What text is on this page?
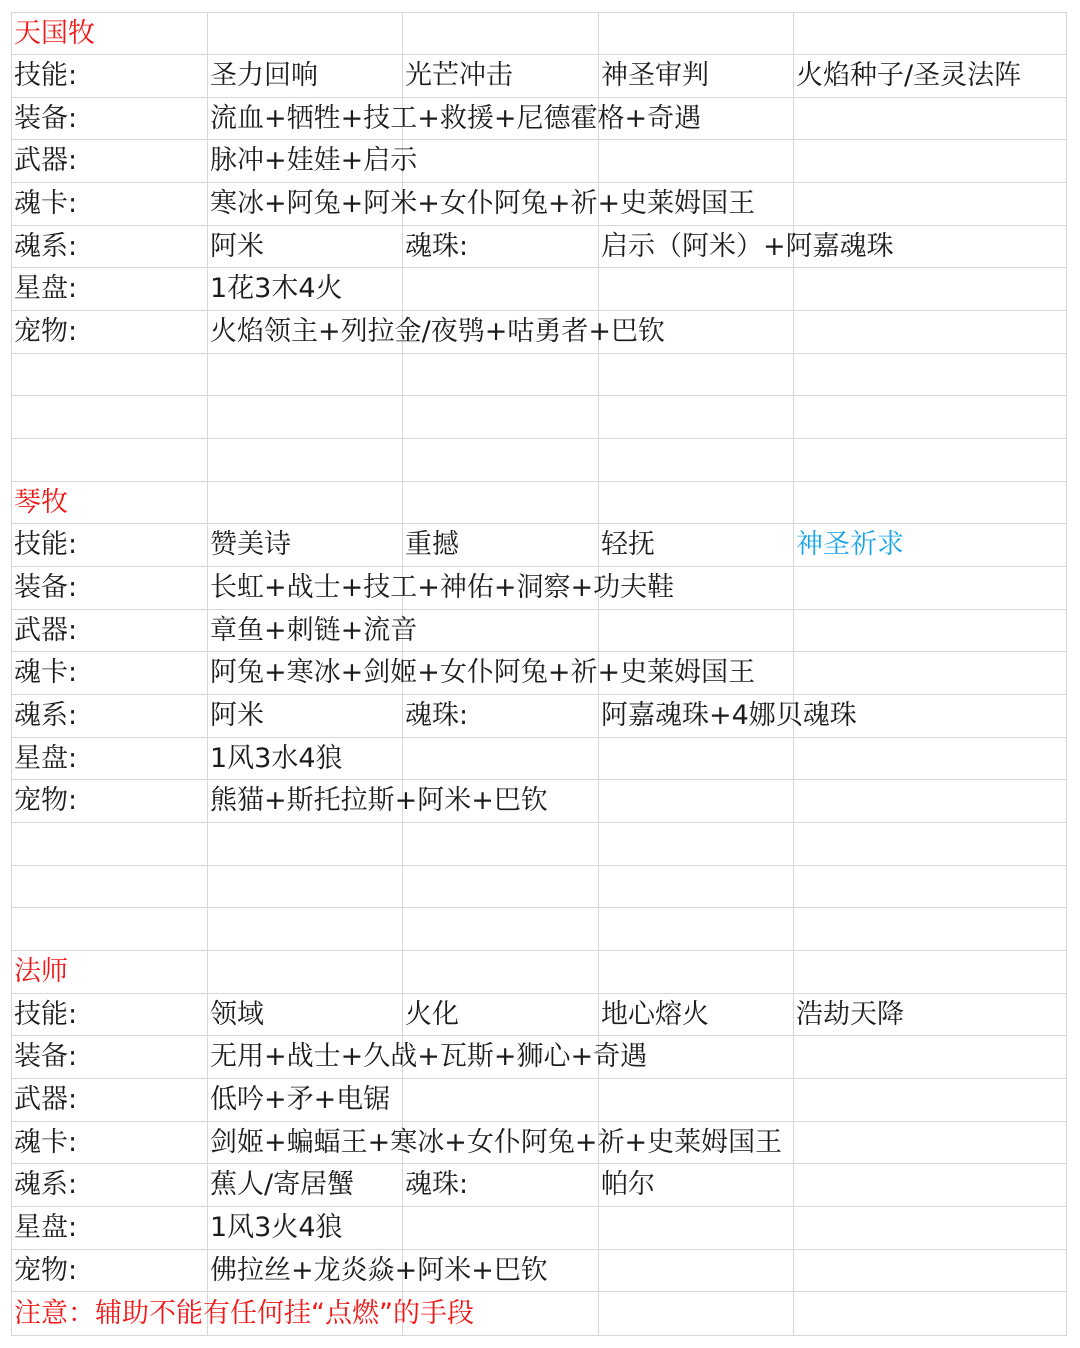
天国牧
技能:	圣力回响	光芒冲击	神圣审判	火焰种子/圣灵法阵
装备:	流血+牺牲+技工+救援+尼德霍格+奇遇
武器:	脉冲+娃娃+启示
魂卡:	寒冰+阿兔+阿米+女仆阿兔+祈+史莱姆国王
魂系:	阿米	魂珠:	启示（阿米）+阿嘉魂珠
星盘:	1花3木4火
宠物:	火焰领主+列拉金/夜鸮+咕勇者+巴钦
琴牧
技能:	赞美诗	重撼	轻抚	神圣祈求
装备:	长虹+战士+技工+神佑+洞察+功夫鞋
武器:	章鱼+刺链+流音
魂卡:	阿兔+寒冰+剑姬+女仆阿兔+祈+史莱姆国王
魂系:	阿米	魂珠:	阿嘉魂珠+4娜贝魂珠
星盘:	1风3水4狼
宠物:	熊猫+斯托拉斯+阿米+巴钦
法师
技能:	领域	火化	地心熔火	浩劫天降
装备:	无用+战士+久战+瓦斯+狮心+奇遇
武器:	低吟+矛+电锯
魂卡:	剑姬+蝙蝠王+寒冰+女仆阿兔+祈+史莱姆国王
魂系:	蕉人/寄居蟹 魂珠:	帕尔
星盘:	1风3火4狼
宠物:	佛拉丝+龙炎焱+阿米+巴钦
注意：辅助不能有任何挂“点燃”的手段
